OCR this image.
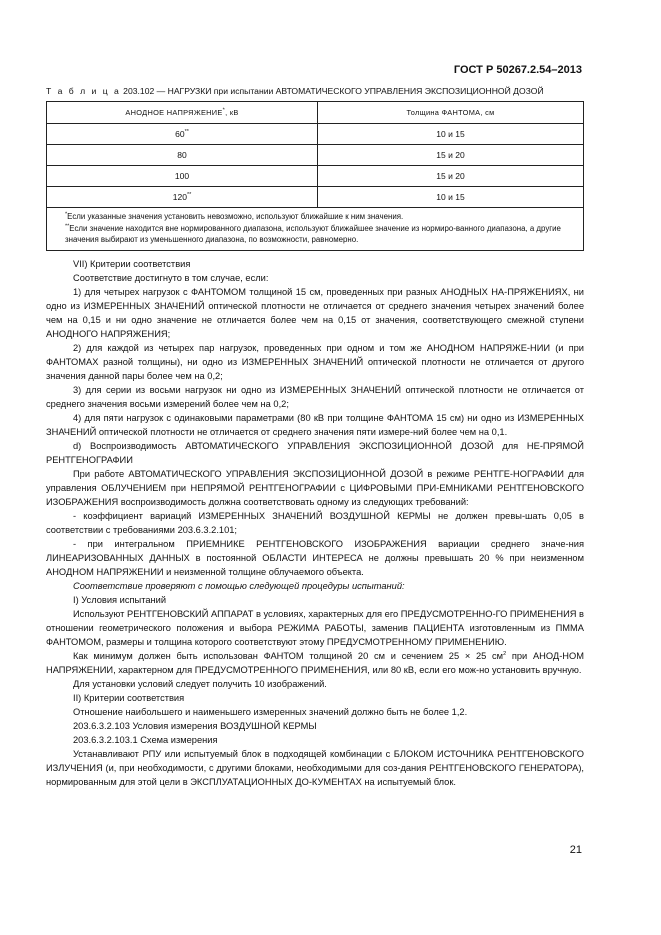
ГОСТ Р 50267.2.54–2013
Т а б л и ц а 203.102 — НАГРУЗКИ при испытании АВТОМАТИЧЕСКОГО УПРАВЛЕНИЯ ЭКСПОЗИЦИОННОЙ ДОЗОЙ
АНОДНОЕ НАПРЯЖЕНИЕ*, кВ	Толщина ФАНТОМА, см
60**	10 и 15
80	15 и 20
100	15 и 20
120**	10 и 15

*Если указанные значения установить невозможно, используют ближайшие к ним значения.
**Если значение находится вне нормированного диапазона, используют ближайшее значение из нормиро-ванного диапазона, а другие значения выбирают из уменьшенного диапазона, по возможности, равномерно.	

VII) Критерии соответствия

Соответствие достигнуто в том случае, если:

1) для четырех нагрузок с ФАНТОМОМ толщиной 15 см, проведенных при разных АНОДНЫХ НА-ПРЯЖЕНИЯХ, ни одно из ИЗМЕРЕННЫХ ЗНАЧЕНИЙ оптической плотности не отличается от среднего значения четырех значений более чем на 0,15 и ни одно значение не отличается более чем на 0,15 от значения, соответствующего смежной ступени АНОДНОГО НАПРЯЖЕНИЯ;

2) для каждой из четырех пар нагрузок, проведенных при одном и том же АНОДНОМ НАПРЯЖЕ-НИИ (и при ФАНТОМАХ разной толщины), ни одно из ИЗМЕРЕННЫХ ЗНАЧЕНИЙ оптической плотности не отличается от другого значения данной пары более чем на 0,2;

3) для серии из восьми нагрузок ни одно из ИЗМЕРЕННЫХ ЗНАЧЕНИЙ оптической плотности не отличается от среднего значения восьми измерений более чем на 0,2;

4) для пяти нагрузок с одинаковыми параметрами (80 кВ при толщине ФАНТОМА 15 см) ни одно из ИЗМЕРЕННЫХ ЗНАЧЕНИЙ оптической плотности не отличается от среднего значения пяти измере-ний более чем на 0,1.

d) Воспроизводимость АВТОМАТИЧЕСКОГО УПРАВЛЕНИЯ ЭКСПОЗИЦИОННОЙ ДОЗОЙ для НЕ-ПРЯМОЙ РЕНТГЕНОГРАФИИ

При работе АВТОМАТИЧЕСКОГО УПРАВЛЕНИЯ ЭКСПОЗИЦИОННОЙ ДОЗОЙ в режиме РЕНТГЕ-НОГРАФИИ для управления ОБЛУЧЕНИЕМ при НЕПРЯМОЙ РЕНТГЕНОГРАФИИ с ЦИФРОВЫМИ ПРИ-ЕМНИКАМИ РЕНТГЕНОВСКОГО ИЗОБРАЖЕНИЯ воспроизводимость должна соответствовать одному из следующих требований:

- коэффициент вариаций ИЗМЕРЕННЫХ ЗНАЧЕНИЙ ВОЗДУШНОЙ КЕРМЫ не должен превы-шать 0,05 в соответствии с требованиями 203.6.3.2.101;

- при интегральном ПРИЕМНИКЕ РЕНТГЕНОВСКОГО ИЗОБРАЖЕНИЯ вариации среднего значе-ния ЛИНЕАРИЗОВАННЫХ ДАННЫХ в постоянной ОБЛАСТИ ИНТЕРЕСА не должны превышать 20 % при неизменном АНОДНОМ НАПРЯЖЕНИИ и неизменной толщине облучаемого объекта.

Соответствие проверяют с помощью следующей процедуры испытаний:

I) Условия испытаний

Используют РЕНТГЕНОВСКИЙ АППАРАТ в условиях, характерных для его ПРЕДУСМОТРЕННО-ГО ПРИМЕНЕНИЯ в отношении геометрического положения и выбора РЕЖИМА РАБОТЫ, заменив ПАЦИЕНТА изготовленным из ПММА ФАНТОМОМ, размеры и толщина которого соответствуют этому ПРЕДУСМОТРЕННОМУ ПРИМЕНЕНИЮ.

Как минимум должен быть использован ФАНТОМ толщиной 20 см и сечением 25 × 25 $см^2$ при АНОД-НОМ НАПРЯЖЕНИИ, характерном для ПРЕДУСМОТРЕННОГО ПРИМЕНЕНИЯ, или 80 кВ, если его мож-но установить вручную.

Для установки условий следует получить 10 изображений.

II) Критерии соответствия

Отношение наибольшего и наименьшего измеренных значений должно быть не более 1,2.

203.6.3.2.103 Условия измерения ВОЗДУШНОЙ КЕРМЫ

203.6.3.2.103.1 Схема измерения

Устанавливают РПУ или испытуемый блок в подходящей комбинации с БЛОКОМ ИСТОЧНИКА РЕНТГЕНОВСКОГО ИЗЛУЧЕНИЯ (и, при необходимости, с другими блоками, необходимыми для соз-дания РЕНТГЕНОВСКОГО ГЕНЕРАТОРА), нормированным для этой цели в ЭКСПЛУАТАЦИОННЫХ ДО-КУМЕНТАХ на испытуемый блок.

21
